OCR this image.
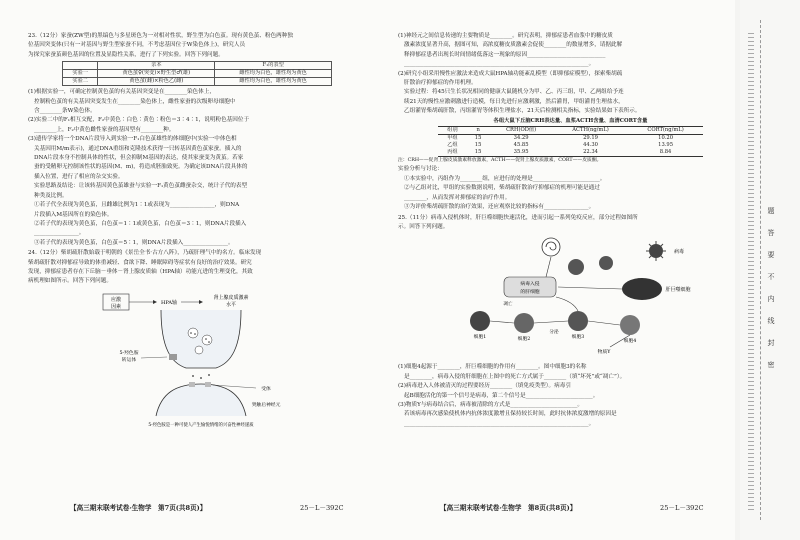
23.（12分）家蚕(ZW型)的黑缟色与多星斑色为一对相对性状，野生型为白色茧。现有黄色茧、粉色两种独

位基因突变体(只有一对基因与野生型家蚕不同，不考虑基因位于W染色体上)，研究人员

为探究家蚕茧颜色基因的位置及显隐性关系，进行了下列实验。回答下列问题。

	亲本	F₁的表型
实验一	黄色茧♀(突变)×野生型♂(雄)	雌性均为白色，雄性均为黄色
实验二	黄色茧(雌)×粉色乙(雌)	雌性均为白色，雄性均为黄色

(1)根据实验一，可确定控制黄色茧的有关基因突变是在________染色体上，

控制粉色茧的有关基因突变发生在________染色体上，雌性家蚕的次级卵母细胞中

含________条W染色体。

(2)实验二中的F₁相互交配，F₂中黄色∶白色∶黄色∶粉色＝3∶4∶1，说明粉色基因位于

________上，F₂中黄色雌性家蚕的基因型有________种。

(3)遗传学家将一个DNA片段导入到实验一F₁白色茧雄性的体细胞中(实验一中体色相

关基因用M/m表示)，通过DNA重组和克隆技术获得一只转基因黄色茧家蚕。插入的

DNA片段本身不控制具体的性状，但会抑制M基因的表达，使其家蚕变为黄茧。若家

蚕的受精卵无控制该性状的基因(M、m)，将造成胚胎致死。为确定该DNA片段具体的

插入位置，进行了相应的杂交实验。

实验思路及结论：让该转基因黄色茧雄蚕与实验一F₁黄色茧雌蚕杂交，统计子代的表型

种类及比例。

①若子代全表现为黄色茧，且雌雄比例为1∶1或表现为________________，则DNA

片段插入M基因所在的染色体。

②若子代的表现为黄色茧，白色茧＝1∶1或黄色茧，白色茧＝3∶1，则DNA片段插入

________________。

③若子代的表现为黄色茧，白色茧＝5∶1，则DNA片段插入________________。

24.（12分）柴胡疏肝散始载于明朝的《景岳全书·古方八阵》，乃疏肝理气中的名方。临床发现

柴胡疏肝散对抑郁症导致的体重减轻、食欲下降、睡眠障碍等症状有良好的治疗效果。研究

发现，抑郁症患者存在下丘脑－垂体－肾上腺皮质轴（HPA轴）功能亢进的生理变化，其致

病机理如图所示。回答下列问题。

应激
因素
HPA轴
肾上腺皮质激素
水平
5-羟色胺
转运体
受体
突触后神经元
5-羟色胺是一种可使人产生愉悦情绪的兴奋性神经递质

(1)神经元之间信息传递的主要物质是________。研究表明，抑郁症患者血浆中的糖皮质

激素浓度显著升高，据图可知，高浓度糖皮质激素会促使________的数量增多，请据此解

释抑郁症患者出现长时间情绪低落这一现象的原因____________________________

__________________________________________________________________。

(2)研究小组采用慢性应激法来造成大鼠HPA轴功能紊乱模型（即抑郁症模型），探索柴胡疏

肝散治疗抑郁症的作用机理。

实验过程：将45只生长状况相同的健康大鼠随机分为甲、乙、丙三组，甲、乙两组给予连

续21天的慢性应激刺激进行造模，每日先进行应激刺激，然后灌胃，甲组灌胃生理盐水，

乙组灌胃柴胡疏肝散，丙组灌胃等体积生理盐水，21天后检测相关指标，实验结果如下表所示。

各组大鼠下丘脑CRH表达量、血浆ACTH含量、血清CORT含量
组别	n	CRH(OD值)	ACTH(ng/mL)	CORT(ng/mL)
甲组	15	34.29	29.19	10.20
乙组	15	45.85	44.30	13.95
丙组	15	35.95	22.34	8.84

注：CRH——促肾上腺皮质激素释放激素，ACTH——促肾上腺皮质激素，CORT——皮质酮。

实验分析与讨论：

①本实验中，丙组作为________组，应进行的处理是________________________。

②与乙组对比，甲组的实验数据说明，柴胡疏肝散治疗抑郁症的机理可能是通过

________，从而发挥对抑郁症的治疗作用。

③为评价柴胡疏肝散的治疗效果，还应观察比较的指标有________________。

25.（11分）病毒入侵机体时，肝巨噬细胞快速活化，进而引起一系列免疫反应，部分过程如图所

示。回答下列问题。

病毒
病毒入侵
的肝细胞	肝巨噬细胞
细胞1	细胞2	细胞3
细胞4
分泌
物质Y
凋亡

(1)细胞4起源于________，肝巨噬细胞的作用有________。图中细胞3的名称

是________，病毒入侵的肝细胞在上图中的死亡方式属于________（填“坏死”或“凋亡”）。

(2)病毒进入人体被清灭的过程要经历________（填免疫类型）。病毒引

起B细胞活化的第一个信号是病毒，第二个信号是________________________。

(3)物质Y与病毒结合后，病毒被清除的方式是________________________。

若该病毒再次感染使机体内抗体浓度激增且保持较长时间，此时抗体浓度激增的原因是

__________________________________________________________________。

【高三期末联考试卷·生物学　第7页(共8页)】	25－L－392C	【高三期末联考试卷·生物学　第8页(共8页)】	25－L－392C
题
答
要
不
内
线
封
密
